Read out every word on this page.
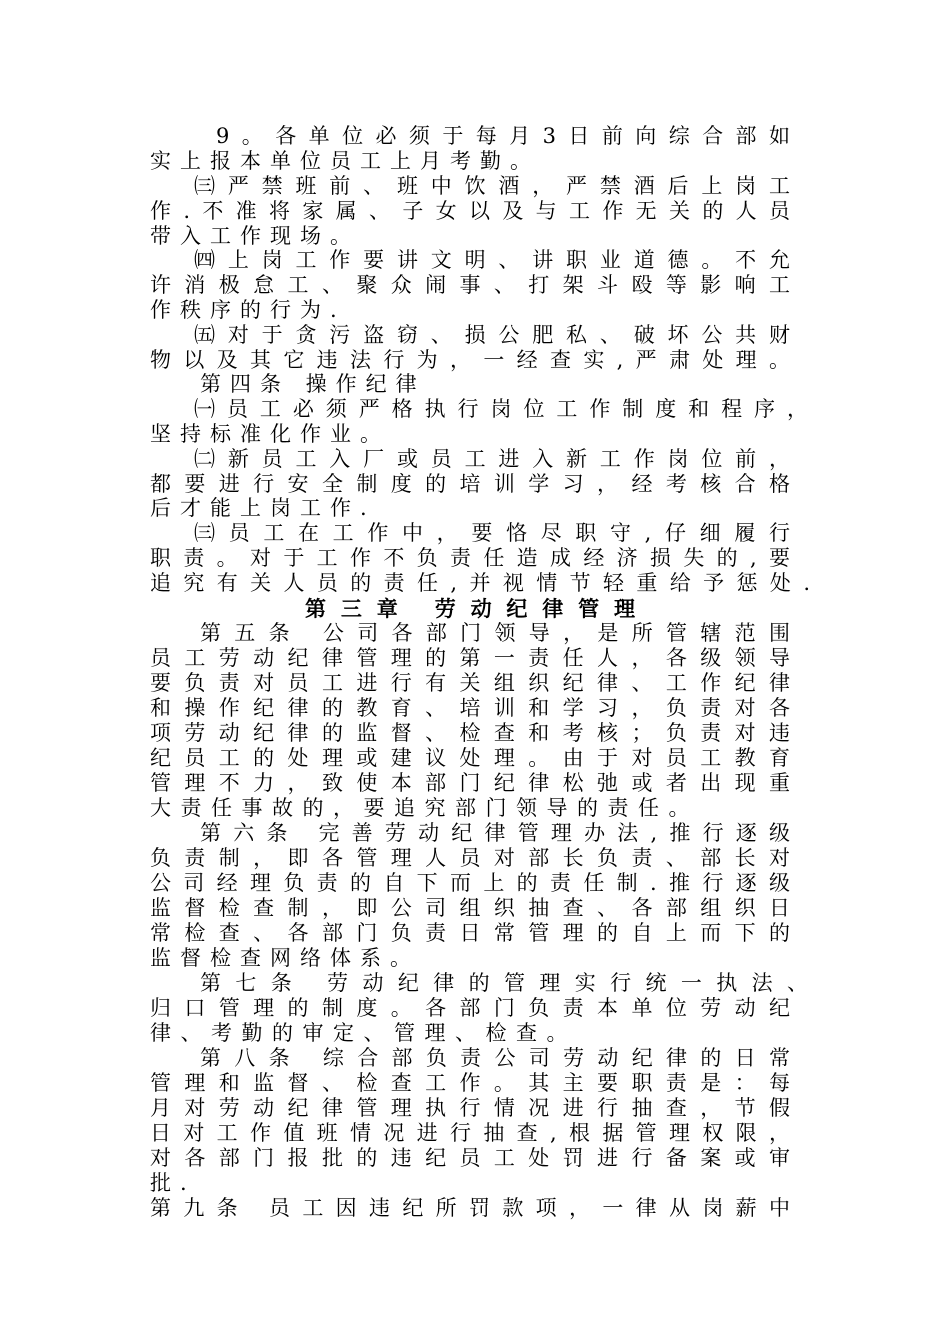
9。各单位必须于每月3日前向综合部如
实上报本单位员工上月考勤。
㈢严禁班前、班中饮酒，严禁酒后上岗工
作.不准将家属、子女以及与工作无关的人员
带入工作现场。
㈣上岗工作要讲文明、讲职业道德。不允
许消极怠工、聚众闹事、打架斗殴等影响工
作秩序的行为.
㈤对于贪污盗窃、损公肥私、破坏公共财
物以及其它违法行为，一经查实,严肃处理。
第四条 操作纪律
㈠员工必须严格执行岗位工作制度和程序，
坚持标准化作业。
㈡新员工入厂或员工进入新工作岗位前，
都要进行安全制度的培训学习，经考核合格
后才能上岗工作.
㈢员工在工作中，要恪尽职守,仔细履行
职责。对于工作不负责任造成经济损失的,要
追究有关人员的责任,并视情节轻重给予惩处.
第三章 劳动纪律管理
第五条 公司各部门领导，是所管辖范围
员工劳动纪律管理的第一责任人，各级领导
要负责对员工进行有关组织纪律、工作纪律
和操作纪律的教育、培训和学习，负责对各
项劳动纪律的监督、检查和考核；负责对违
纪员工的处理或建议处理。由于对员工教育
管理不力，致使本部门纪律松弛或者出现重
大责任事故的，要追究部门领导的责任。
第六条 完善劳动纪律管理办法,推行逐级
负责制，即各管理人员对部长负责、部长对
公司经理负责的自下而上的责任制.推行逐级
监督检查制，即公司组织抽查、各部组织日
常检查、各部门负责日常管理的自上而下的
监督检查网络体系。
第七条 劳动纪律的管理实行统一执法、
归口管理的制度。各部门负责本单位劳动纪
律、考勤的审定、管理、检查。
第八条 综合部负责公司劳动纪律的日常
管理和监督、检查工作。其主要职责是：每
月对劳动纪律管理执行情况进行抽查，节假
日对工作值班情况进行抽查,根据管理权限，
对各部门报批的违纪员工处罚进行备案或审
批.
第九条 员工因违纪所罚款项，一律从岗薪中
